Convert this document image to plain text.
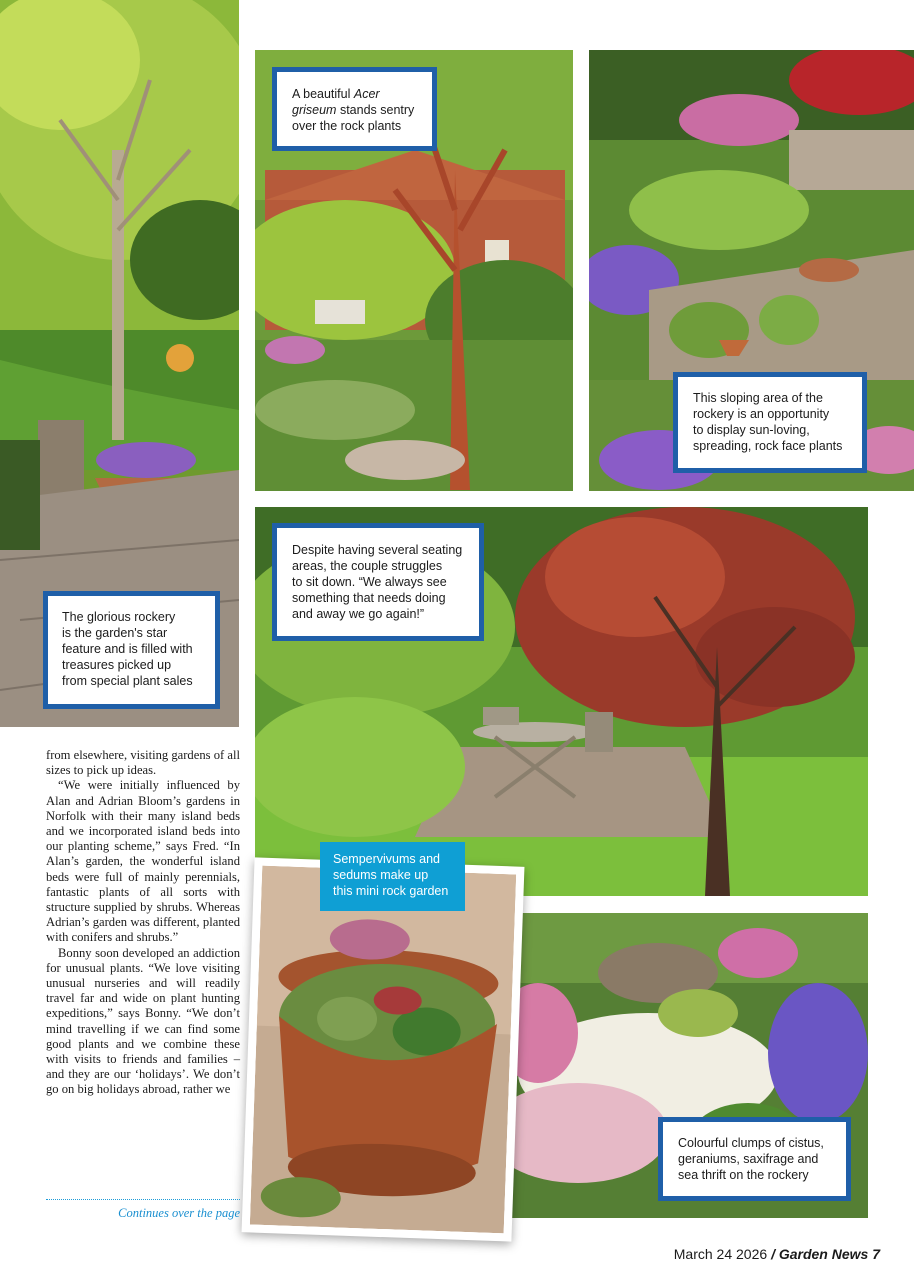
The glorious rockery
is the garden's star
feature and is filled with
treasures picked up
from special plant sales
A beautiful Acer griseum stands sentry over the rock plants
This sloping area of the
rockery is an opportunity
to display sun-loving,
spreading, rock face plants
Despite having several seating
areas, the couple struggles
to sit down. “We always see
something that needs doing
and away we go again!”
Sempervivums and
sedums make up
this mini rock garden
Colourful clumps of cistus,
geraniums, saxifrage and
sea thrift on the rockery

from elsewhere, visiting gardens of all sizes to pick up ideas.

“We were initially influenced by Alan and Adrian Bloom’s gardens in Norfolk with their many island beds and we incorporated island beds into our planting scheme,” says Fred. “In Alan’s garden, the wonderful island beds were full of mainly perennials, fantastic plants of all sorts with structure supplied by shrubs. Whereas Adrian’s garden was different, planted with conifers and shrubs.”

Bonny soon developed an addiction for unusual plants. “We love visiting unusual nurseries and will readily travel far and wide on plant hunting expeditions,” says Bonny. “We don’t mind travelling if we can find some good plants and we combine these with visits to friends and families – and they are our ‘holidays’. We don’t go on big holidays abroad, rather we

Continues over the page
March 24 2026 / Garden News 7
